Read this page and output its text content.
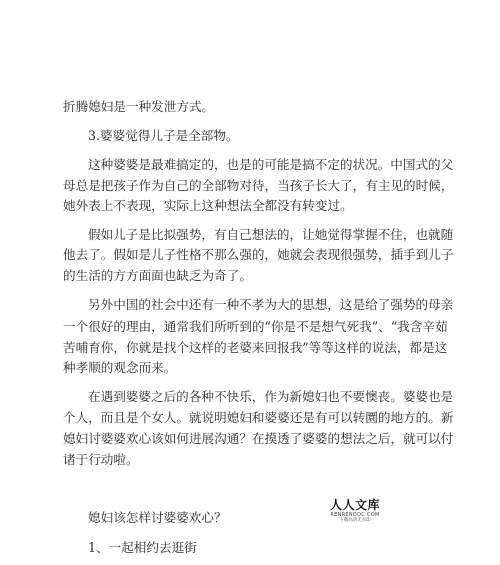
折腾媳妇是一种发泄方式。
3.婆婆觉得儿子是全部物。
这种婆婆是最难搞定的，也是的可能是搞不定的状况。中国式的父
母总是把孩子作为自己的全部物对待，当孩子长大了，有主见的时候，
她外表上不表现，实际上这种想法全都没有转变过。
假如儿子是比拟强势，有自己想法的，让她觉得掌握不住，也就随
他去了。假如是儿子性格不那么强的，她就会表现很强势，插手到儿子
的生活的方方面面也缺乏为奇了。
另外中国的社会中还有一种不孝为大的思想，这是给了强势的母亲
一个很好的理由，通常我们所听到的“你是不是想气死我”、“我含辛茹
苦哺育你，你就是找个这样的老婆来回报我”等等这样的说法，都是这
种孝顺的观念而来。
在遇到婆婆之后的各种不快乐，作为新媳妇也不要懊丧。婆婆也是
个人，而且是个女人。就说明媳妇和婆婆还是有可以转圜的地方的。新
媳妇讨婆婆欢心该如何进展沟通？在摸透了婆婆的想法之后，就可以付
诸于行动啦。
媳妇该怎样讨婆婆欢心？
1、一起相约去逛街
人人文库
RENRENDOC.COM
下载高清无水印
